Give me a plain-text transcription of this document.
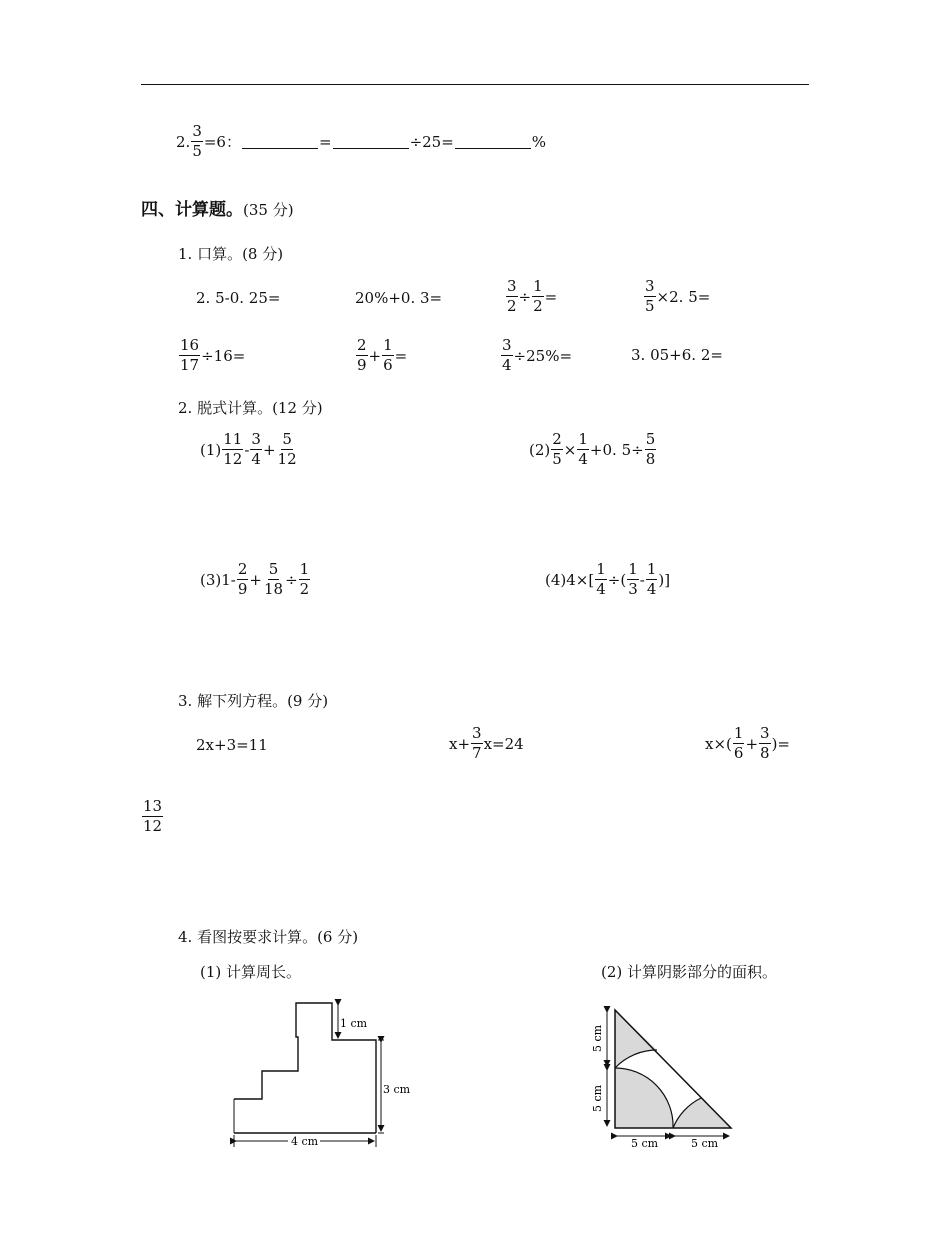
2. $\frac{3}{5} =6$：	=	÷25=	%
四、计算题。(35 分)
1. 口算。(8 分)
2. 5-0. 25=	20%+0. 3=	$\frac{3}{2} \div \frac{1}{2}$ =	$\frac{3}{5} \times 2$. 5=
$\frac{16}{17} \div 16=$	$\frac{2}{9} + \frac{1}{6}$ =	$\frac{3}{4} \div 25\%=$	3. 05+6. 2=
2. 脱式计算。(12 分)
$(1) \frac{11}{12} - \frac{3}{4} + \frac{5}{12}$	$(2) \frac{2}{5} \times \frac{1}{4} +0$. $5\div \frac{5}{8}$
(3) $1- \frac{2}{9} + \frac{5}{18} \div \frac{1}{2}$	(4) $4\times[ \frac{1}{4}$ ÷( $\frac{1}{3} - \frac{1}{4}$ )]
3. 解下列方程。(9 分)
2x+3=11	$x+ \frac{3}{7} x=24$	$x\times( \frac{1}{6} + \frac{3}{8}$ )=
$\frac{13}{12}$
4. 看图按要求计算。(6 分)
(1) 计算周长。	(2) 计算阴影部分的面积。
1 cm
3 cm
4 cm
5 cm
5 cm
5 cm	5 cm
